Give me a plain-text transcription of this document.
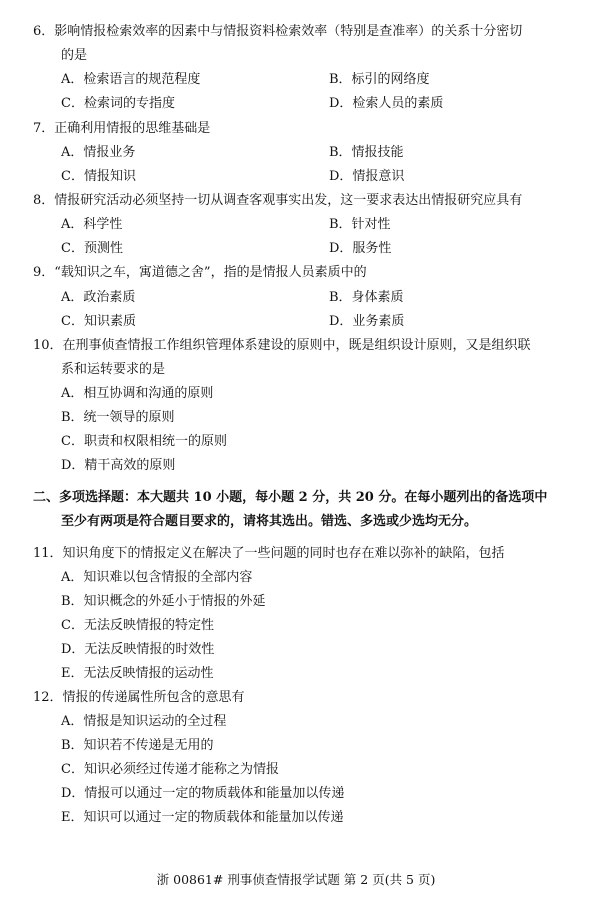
6．影响情报检索效率的因素中与情报资料检索效率（特别是查准率）的关系十分密切
的是
A．检索语言的规范程度	B．标引的网络度
C．检索词的专指度	D．检索人员的素质
7．正确利用情报的思维基础是
A．情报业务	B．情报技能
C．情报知识	D．情报意识
8．情报研究活动必须坚持一切从调查客观事实出发，这一要求表达出情报研究应具有
A．科学性	B．针对性
C．预测性	D．服务性
9．“载知识之车，寓道德之舍”，指的是情报人员素质中的
A．政治素质	B．身体素质
C．知识素质	D．业务素质
10．在刑事侦查情报工作组织管理体系建设的原则中，既是组织设计原则，又是组织联
系和运转要求的是
A．相互协调和沟通的原则
B．统一领导的原则
C．职责和权限相统一的原则
D．精干高效的原则
二、多项选择题：本大题共 10 小题，每小题 2 分，共 20 分。在每小题列出的备选项中
至少有两项是符合题目要求的，请将其选出。错选、多选或少选均无分。
11．知识角度下的情报定义在解决了一些问题的同时也存在难以弥补的缺陷，包括
A．知识难以包含情报的全部内容
B．知识概念的外延小于情报的外延
C．无法反映情报的特定性
D．无法反映情报的时效性
E．无法反映情报的运动性
12．情报的传递属性所包含的意思有
A．情报是知识运动的全过程
B．知识若不传递是无用的
C．知识必须经过传递才能称之为情报
D．情报可以通过一定的物质载体和能量加以传递
E．知识可以通过一定的物质载体和能量加以传递
浙 00861# 刑事侦查情报学试题 第 2 页(共 5 页)
